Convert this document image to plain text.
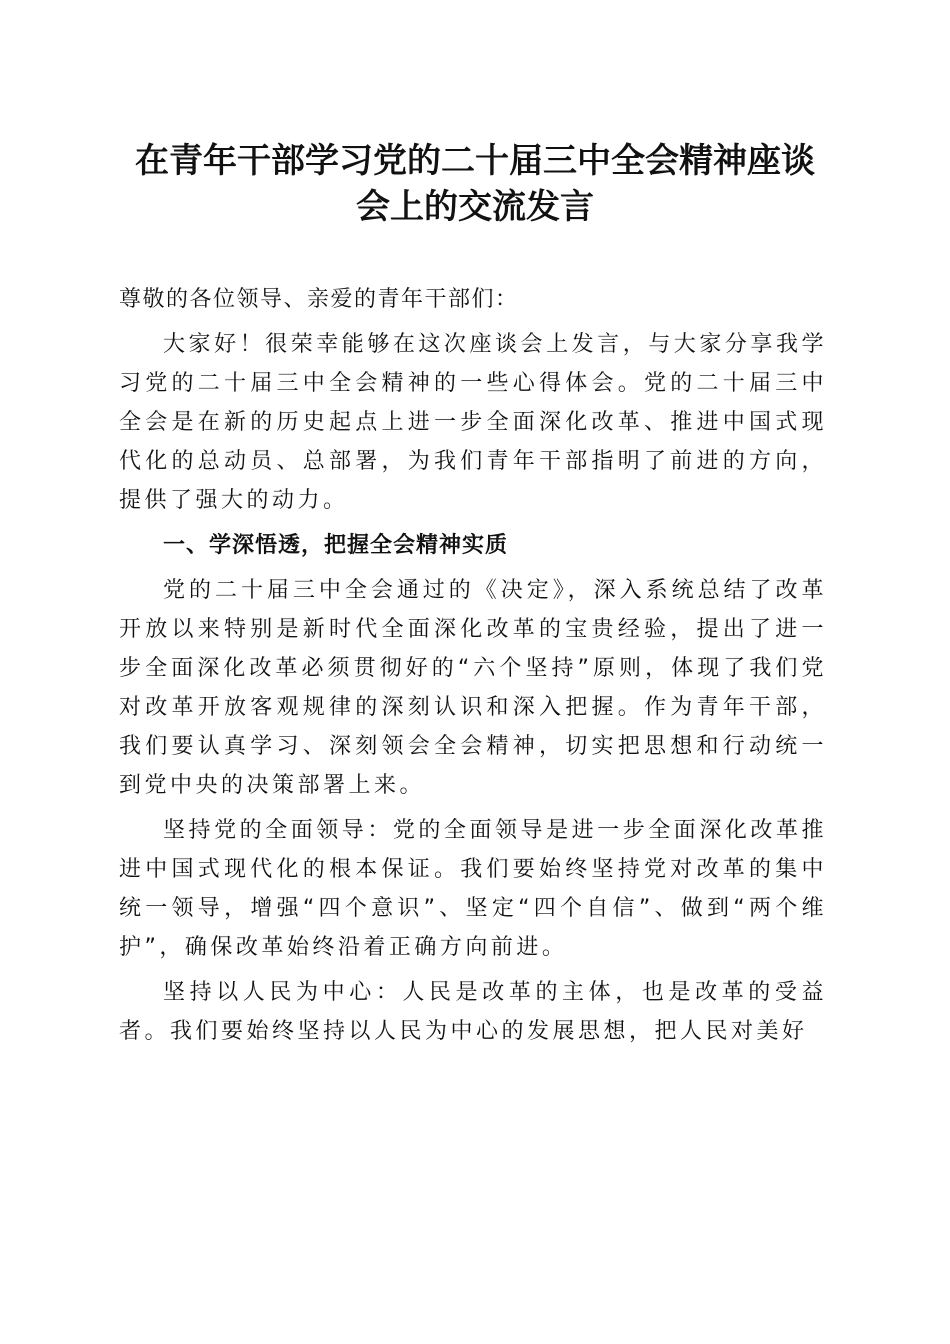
在青年干部学习党的二十届三中全会精神座谈
会上的交流发言

尊敬的各位领导、亲爱的青年干部们：

大家好！很荣幸能够在这次座谈会上发言，与大家分享我学习党的二十届三中全会精神的一些心得体会。党的二十届三中全会是在新的历史起点上进一步全面深化改革、推进中国式现代化的总动员、总部署，为我们青年干部指明了前进的方向，提供了强大的动力。

一、学深悟透，把握全会精神实质

党的二十届三中全会通过的《决定》，深入系统总结了改革开放以来特别是新时代全面深化改革的宝贵经验，提出了进一步全面深化改革必须贯彻好的“六个坚持”原则，体现了我们党对改革开放客观规律的深刻认识和深入把握。作为青年干部，我们要认真学习、深刻领会全会精神，切实把思想和行动统一到党中央的决策部署上来。

坚持党的全面领导：党的全面领导是进一步全面深化改革推进中国式现代化的根本保证。我们要始终坚持党对改革的集中统一领导，增强“四个意识”、坚定“四个自信”、做到“两个维护”，确保改革始终沿着正确方向前进。

坚持以人民为中心：人民是改革的主体，也是改革的受益者。我们要始终坚持以人民为中心的发展思想，把人民对美好
